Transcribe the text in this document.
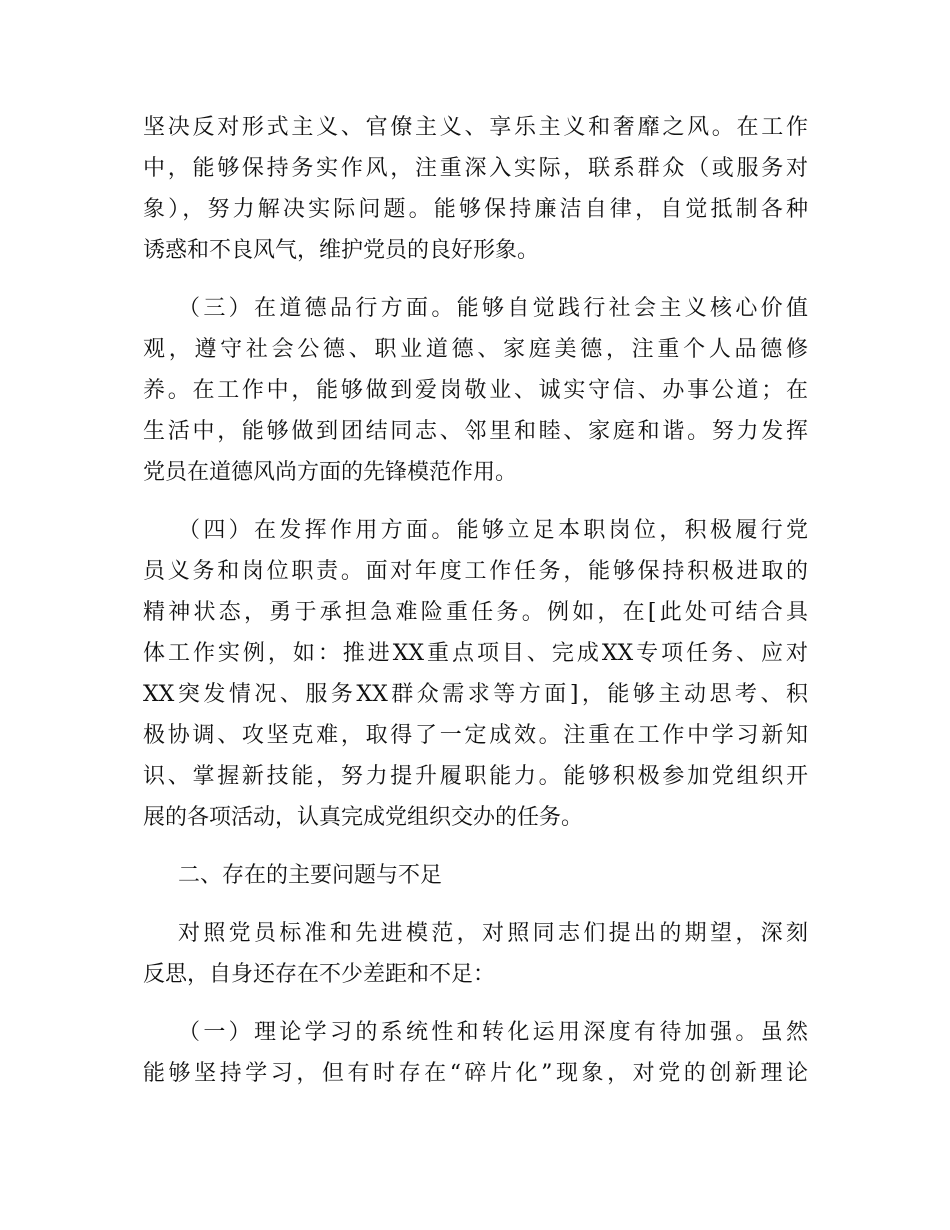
坚决反对形式主义、官僚主义、享乐主义和奢靡之风。在工作
中，能够保持务实作风，注重深入实际，联系群众（或服务对
象），努力解决实际问题。能够保持廉洁自律，自觉抵制各种
诱惑和不良风气，维护党员的良好形象。
（三）在道德品行方面。能够自觉践行社会主义核心价值
观，遵守社会公德、职业道德、家庭美德，注重个人品德修
养。在工作中，能够做到爱岗敬业、诚实守信、办事公道；在
生活中，能够做到团结同志、邻里和睦、家庭和谐。努力发挥
党员在道德风尚方面的先锋模范作用。
（四）在发挥作用方面。能够立足本职岗位，积极履行党
员义务和岗位职责。面对年度工作任务，能够保持积极进取的
精神状态，勇于承担急难险重任务。例如，在[此处可结合具
体工作实例，如：推进XX重点项目、完成XX专项任务、应对
XX突发情况、服务XX群众需求等方面]，能够主动思考、积
极协调、攻坚克难，取得了一定成效。注重在工作中学习新知
识、掌握新技能，努力提升履职能力。能够积极参加党组织开
展的各项活动，认真完成党组织交办的任务。
二、存在的主要问题与不足
对照党员标准和先进模范，对照同志们提出的期望，深刻
反思，自身还存在不少差距和不足：
（一）理论学习的系统性和转化运用深度有待加强。虽然
能够坚持学习，但有时存在“碎片化”现象，对党的创新理论
